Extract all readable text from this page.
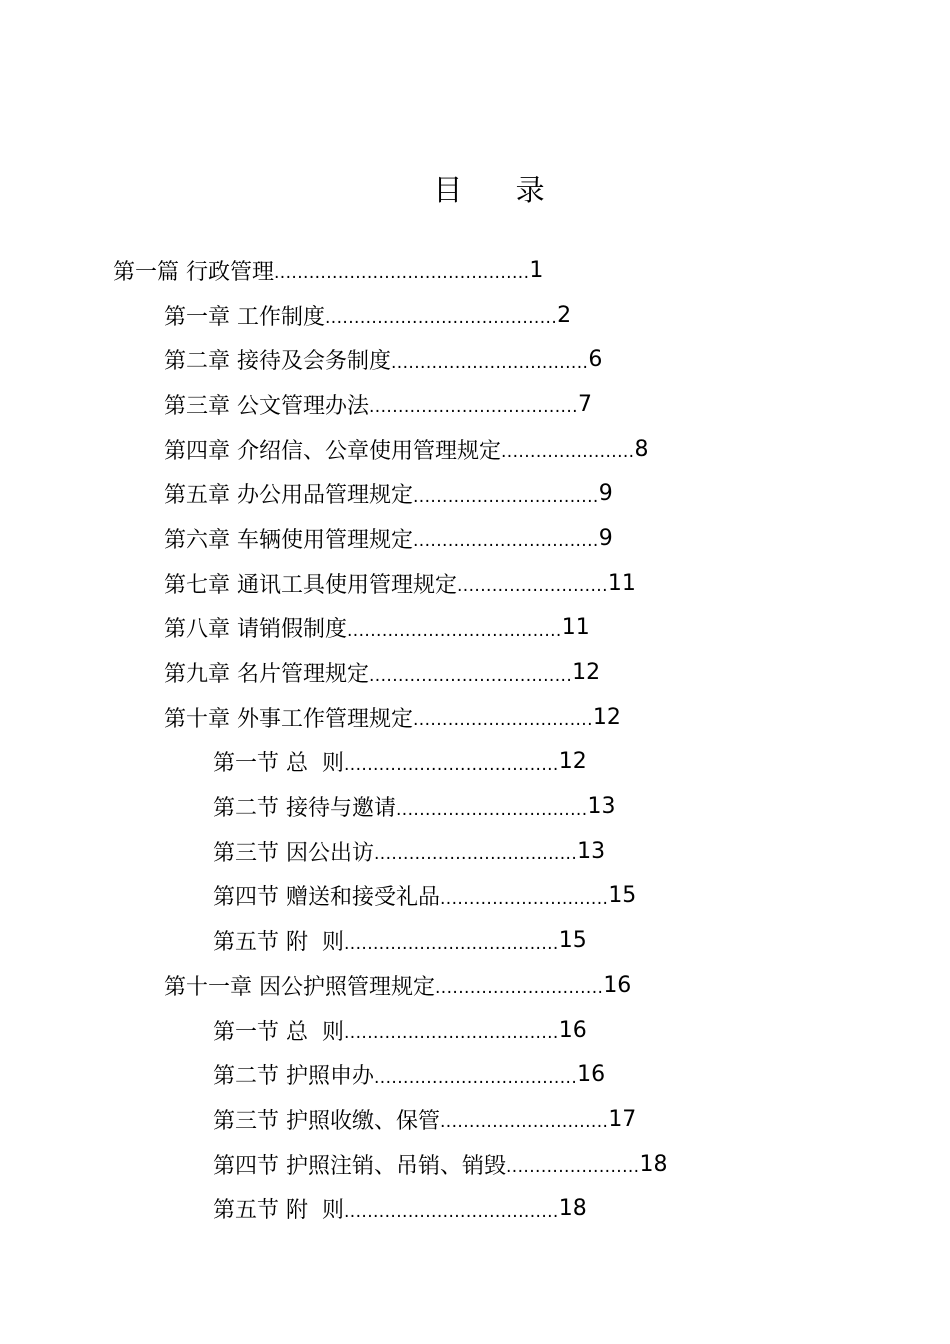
目 录
第一篇 行政管理 ............................................ 1
第一章 工作制度 ........................................ 2
第二章 接待及会务制度 .................................. 6
第三章 公文管理办法 .................................... 7
第四章 介绍信、公章使用管理规定 ....................... 8
第五章 办公用品管理规定 ................................ 9
第六章 车辆使用管理规定 ................................ 9
第七章 通讯工具使用管理规定 .......................... 11
第八章 请销假制度 ..................................... 11
第九章 名片管理规定 ................................... 12
第十章 外事工作管理规定 ............................... 12
第一节 总  则 ..................................... 12
第二节 接待与邀请 ................................. 13
第三节 因公出访 ................................... 13
第四节 赠送和接受礼品 ............................. 15
第五节 附  则 ..................................... 15
第十一章 因公护照管理规定 ............................. 16
第一节 总  则 ..................................... 16
第二节 护照申办 ................................... 16
第三节 护照收缴、保管 ............................. 17
第四节 护照注销、吊销、销毁 ....................... 18
第五节 附  则 ..................................... 18
